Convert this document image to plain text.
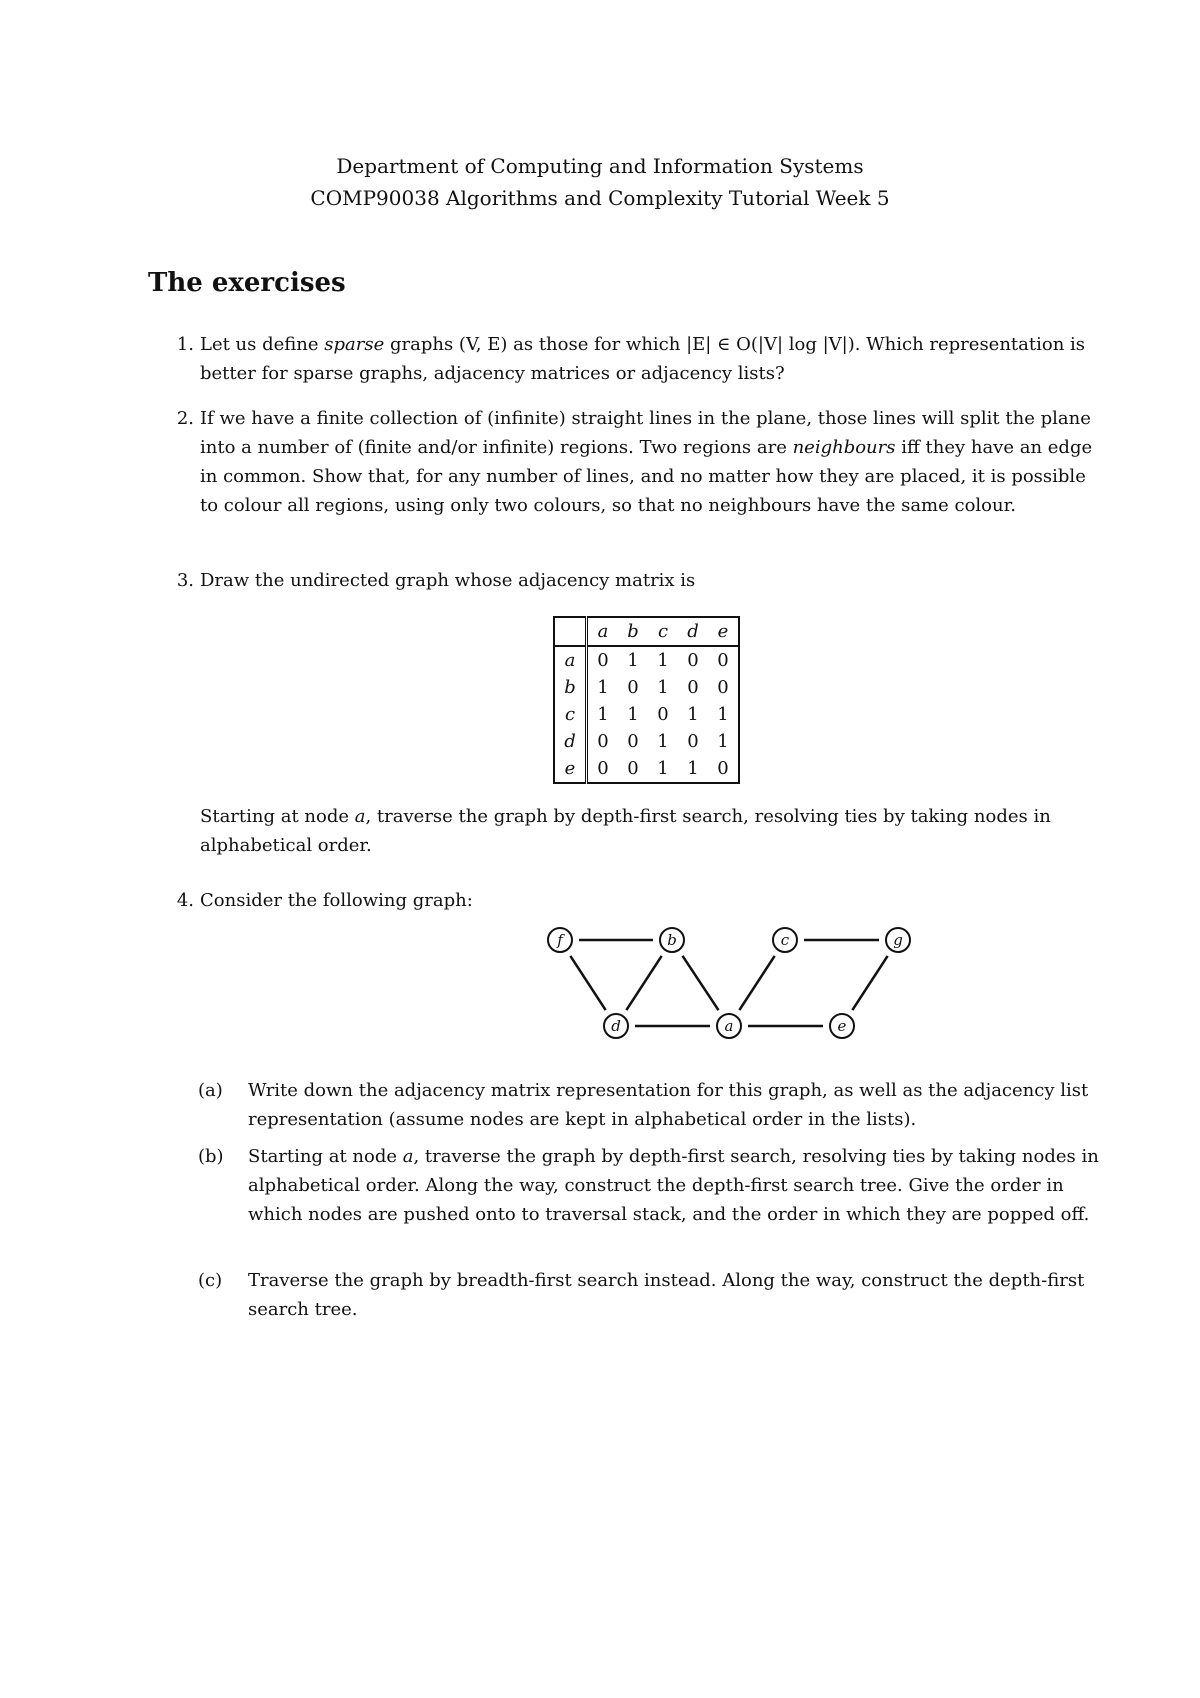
Department of Computing and Information Systems
COMP90038 Algorithms and Complexity Tutorial Week 5
The exercises
1. Let us define sparse graphs (V, E) as those for which |E| ∈ O(|V| log |V|). Which representation is better for sparse graphs, adjacency matrices or adjacency lists?
2. If we have a finite collection of (infinite) straight lines in the plane, those lines will split the plane into a number of (finite and/or infinite) regions. Two regions are neighbours iff they have an edge in common. Show that, for any number of lines, and no matter how they are placed, it is possible to colour all regions, using only two colours, so that no neighbours have the same colour.
3. Draw the undirected graph whose adjacency matrix is
	a	b	c	d	e
a	0	1	1	0	0
b	1	0	1	0	0
c	1	1	0	1	1
d	0	0	1	0	1
e	0	0	1	1	0
Starting at node a, traverse the graph by depth-first search, resolving ties by taking nodes in alphabetical order.
4. Consider the following graph:
f	b	c	g
d	a	e
(a) Write down the adjacency matrix representation for this graph, as well as the adjacency list representation (assume nodes are kept in alphabetical order in the lists).
(b) Starting at node a, traverse the graph by depth-first search, resolving ties by taking nodes in alphabetical order. Along the way, construct the depth-first search tree. Give the order in which nodes are pushed onto to traversal stack, and the order in which they are popped off.
(c) Traverse the graph by breadth-first search instead. Along the way, construct the depth-first search tree.
